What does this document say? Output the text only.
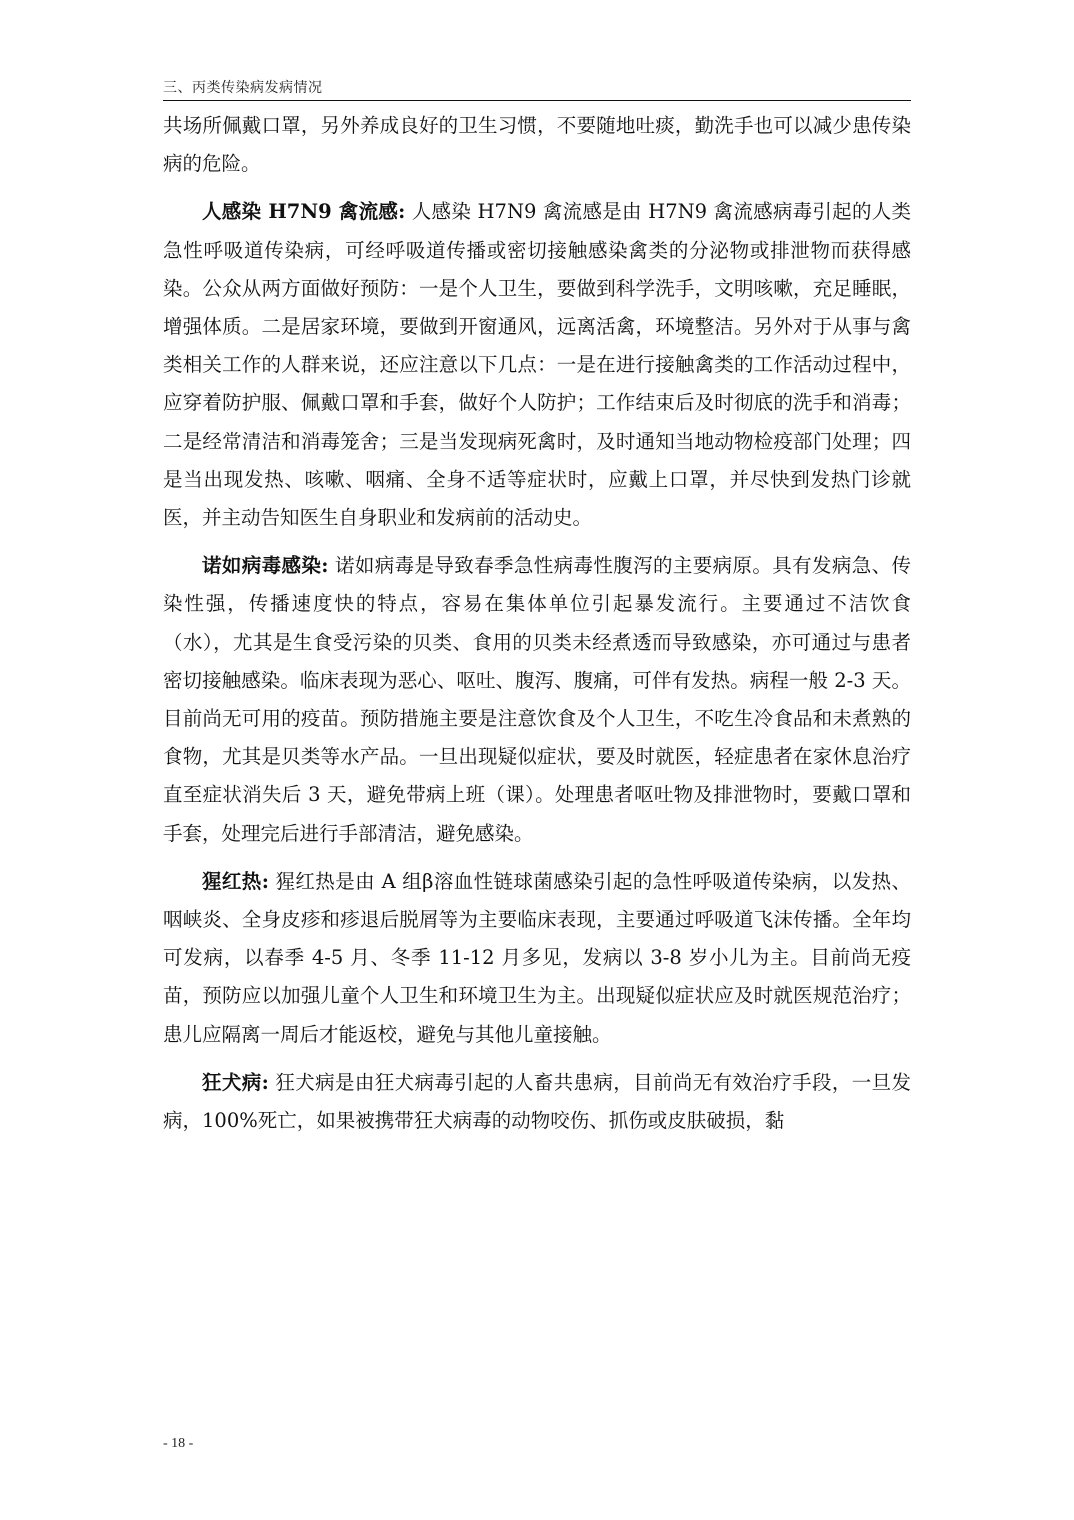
三、丙类传染病发病情况

共场所佩戴口罩，另外养成良好的卫生习惯，不要随地吐痰，勤洗手也可以减少患传染病的危险。

人感染 H7N9 禽流感: 人感染 H7N9 禽流感是由 H7N9 禽流感病毒引起的人类急性呼吸道传染病，可经呼吸道传播或密切接触感染禽类的分泌物或排泄物而获得感染。公众从两方面做好预防：一是个人卫生，要做到科学洗手，文明咳嗽，充足睡眠，增强体质。二是居家环境，要做到开窗通风，远离活禽，环境整洁。另外对于从事与禽类相关工作的人群来说，还应注意以下几点：一是在进行接触禽类的工作活动过程中，应穿着防护服、佩戴口罩和手套，做好个人防护；工作结束后及时彻底的洗手和消毒；二是经常清洁和消毒笼舍；三是当发现病死禽时，及时通知当地动物检疫部门处理；四是当出现发热、咳嗽、咽痛、全身不适等症状时，应戴上口罩，并尽快到发热门诊就医，并主动告知医生自身职业和发病前的活动史。

诺如病毒感染: 诺如病毒是导致春季急性病毒性腹泻的主要病原。具有发病急、传染性强，传播速度快的特点，容易在集体单位引起暴发流行。主要通过不洁饮食（水），尤其是生食受污染的贝类、食用的贝类未经煮透而导致感染，亦可通过与患者密切接触感染。临床表现为恶心、呕吐、腹泻、腹痛，可伴有发热。病程一般 2-3 天。目前尚无可用的疫苗。预防措施主要是注意饮食及个人卫生，不吃生冷食品和未煮熟的食物，尤其是贝类等水产品。一旦出现疑似症状，要及时就医，轻症患者在家休息治疗直至症状消失后 3 天，避免带病上班（课）。处理患者呕吐物及排泄物时，要戴口罩和手套，处理完后进行手部清洁，避免感染。

猩红热: 猩红热是由 A 组β溶血性链球菌感染引起的急性呼吸道传染病，以发热、咽峡炎、全身皮疹和疹退后脱屑等为主要临床表现，主要通过呼吸道飞沫传播。全年均可发病，以春季 4-5 月、冬季 11-12 月多见，发病以 3-8 岁小儿为主。目前尚无疫苗，预防应以加强儿童个人卫生和环境卫生为主。出现疑似症状应及时就医规范治疗；患儿应隔离一周后才能返校，避免与其他儿童接触。

狂犬病: 狂犬病是由狂犬病毒引起的人畜共患病，目前尚无有效治疗手段，一旦发病，100%死亡，如果被携带狂犬病毒的动物咬伤、抓伤或皮肤破损，黏

- 18 -
